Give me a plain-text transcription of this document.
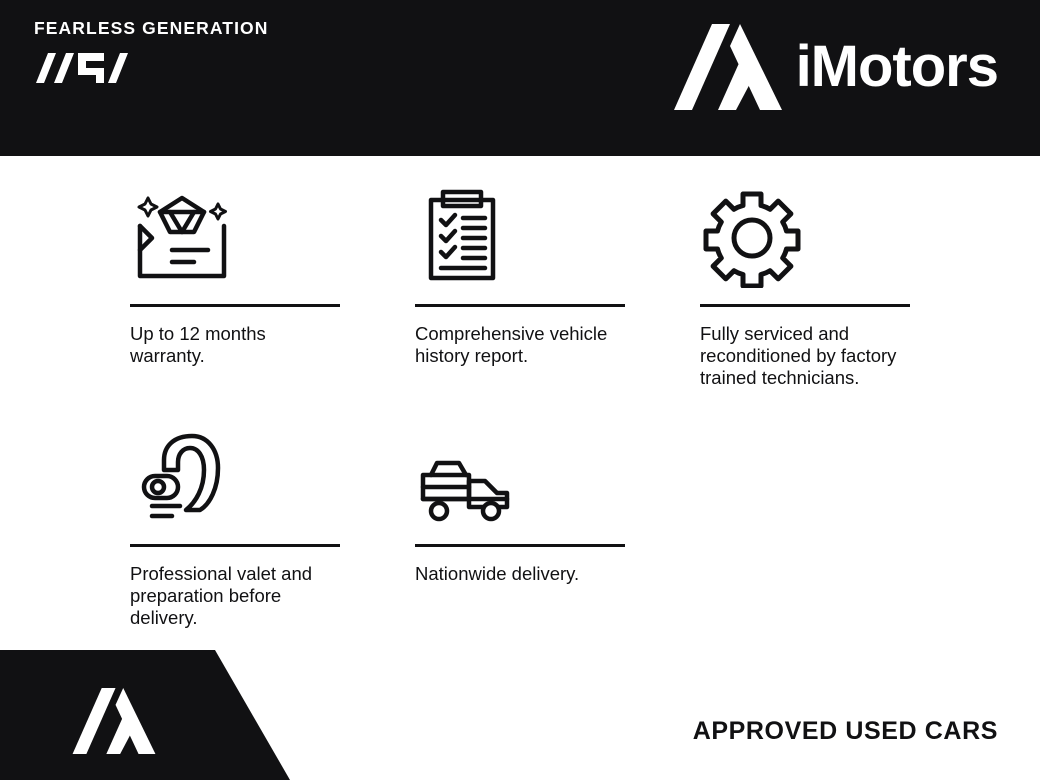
FEARLESS GENERATION
iMotors
Up to 12 months warranty.
Comprehensive vehicle history report.
Fully serviced and reconditioned by factory trained technicians.
Professional valet and preparation before delivery.
Nationwide delivery.
APPROVED USED CARS
